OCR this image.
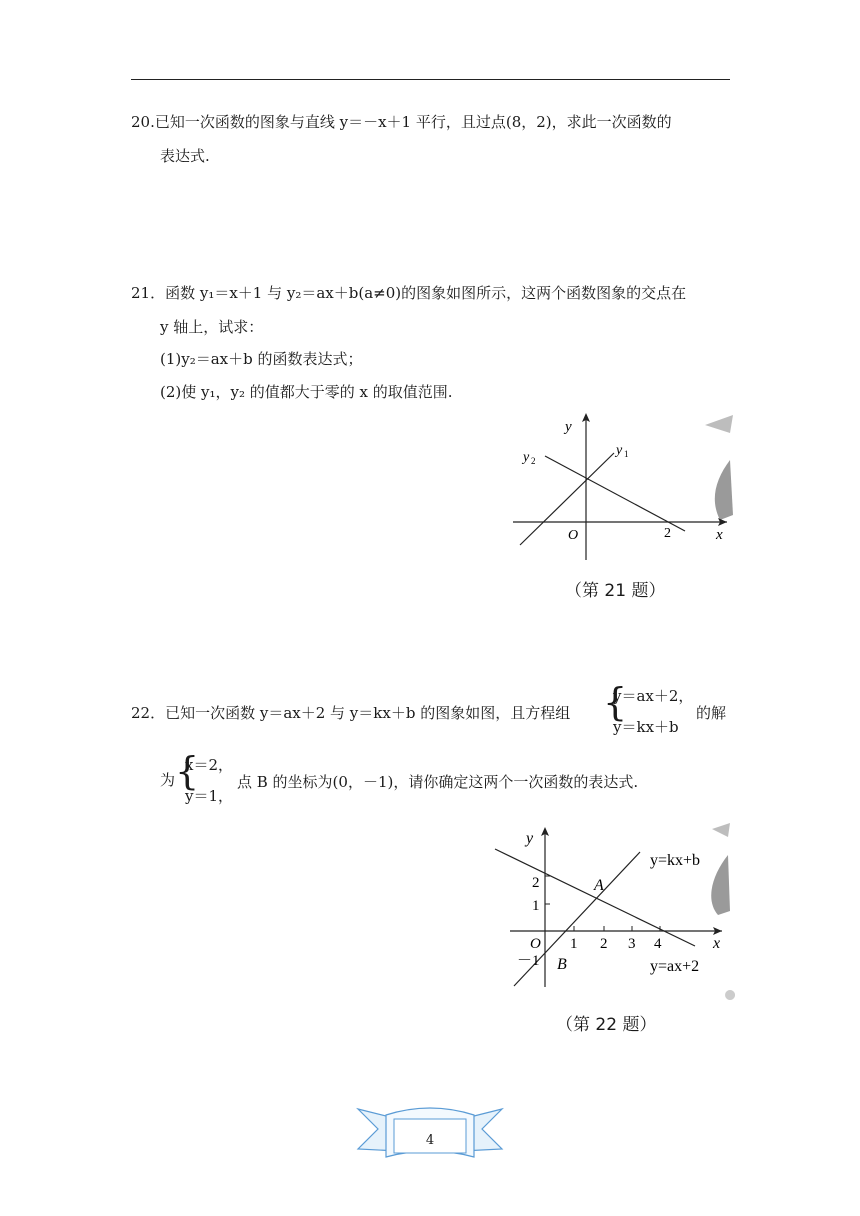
20.已知一次函数的图象与直线 y＝－x＋1 平行，且过点(8，2)，求此一次函数的
表达式.
21．函数 y₁＝x＋1 与 y₂＝ax＋b(a≠0)的图象如图所示，这两个函数图象的交点在
y 轴上，试求：
(1)y₂＝ax＋b 的函数表达式；
(2)使 y₁，y₂ 的值都大于零的 x 的取值范围.
y
x
O	2
y 1
y 2
（第 21 题）
22．已知一次函数 y＝ax＋2 与 y＝kx＋b 的图象如图，且方程组 {
y＝ax＋2，
y＝kx＋b
的解
为 {
x＝2，
y＝1，
点 B 的坐标为(0，－1)，请你确定这两个一次函数的表达式.
y
x
O
2
1
－1
1 2 3 4
A
B
y=kx+b
y=ax+2
（第 22 题）
4
